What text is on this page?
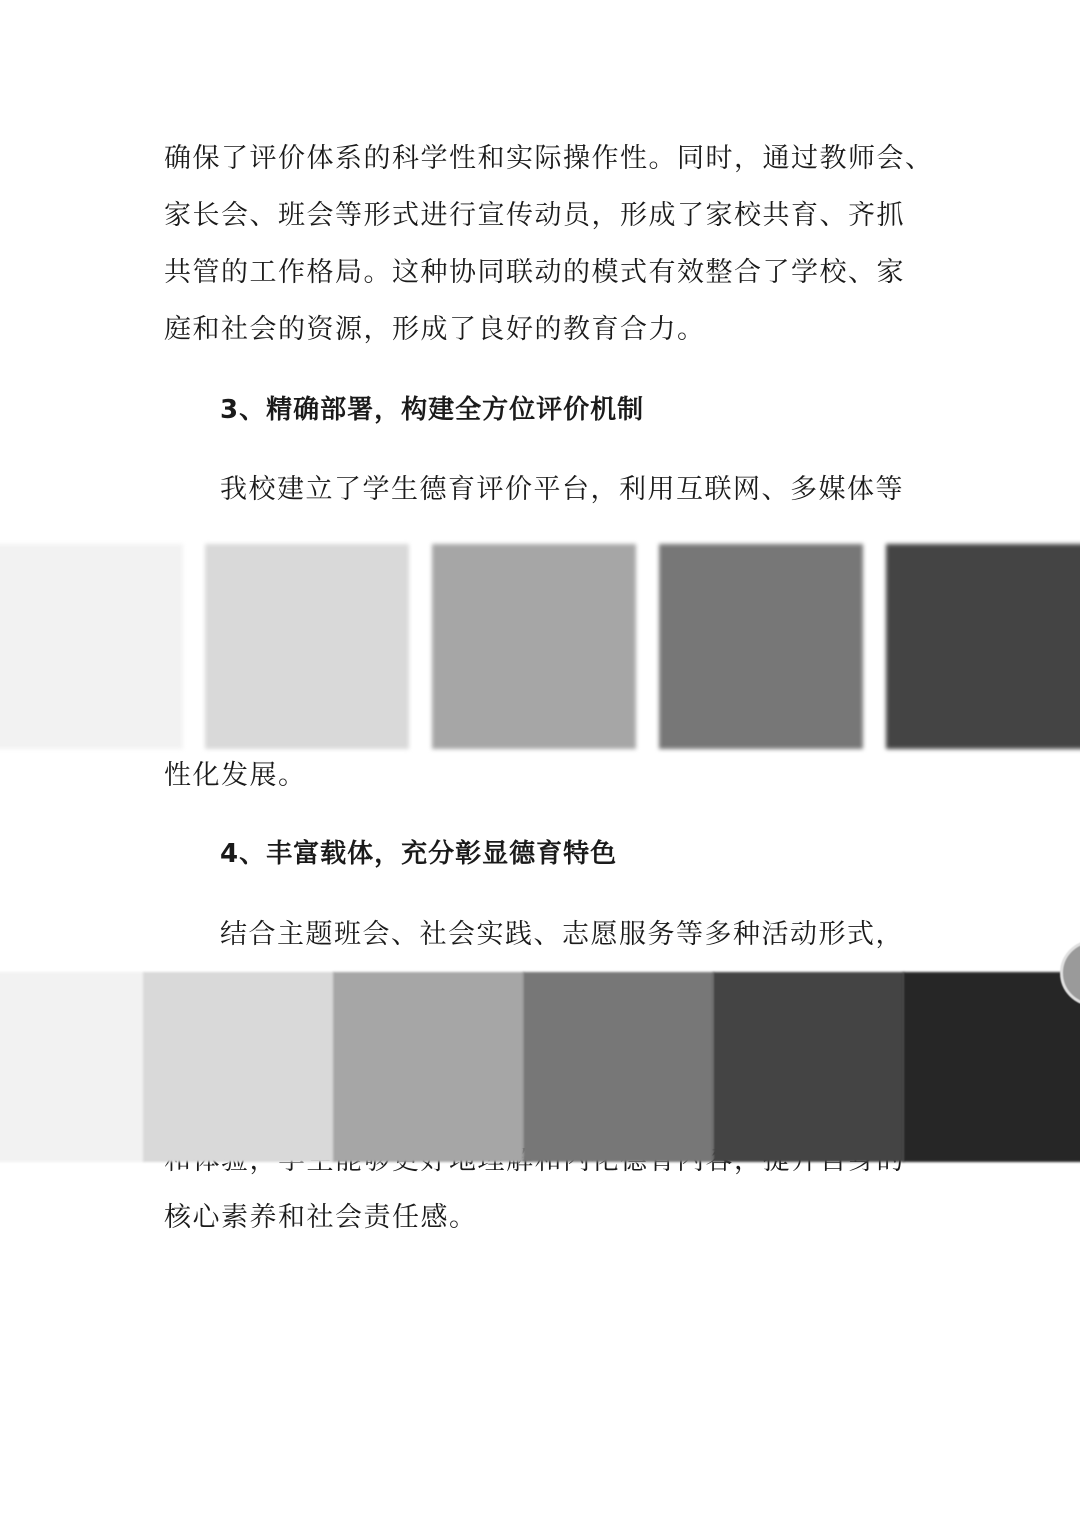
确保了评价体系的科学性和实际操作性。同时，通过教师会、
家长会、班会等形式进行宣传动员，形成了家校共育、齐抓
共管的工作格局。这种协同联动的模式有效整合了学校、家
庭和社会的资源，形成了良好的教育合力。
3、精确部署，构建全方位评价机制
我校建立了学生德育评价平台，利用互联网、多媒体等
性化发展。
4、丰富载体，充分彰显德育特色
结合主题班会、社会实践、志愿服务等多种活动形式，
核心素养和社会责任感。
